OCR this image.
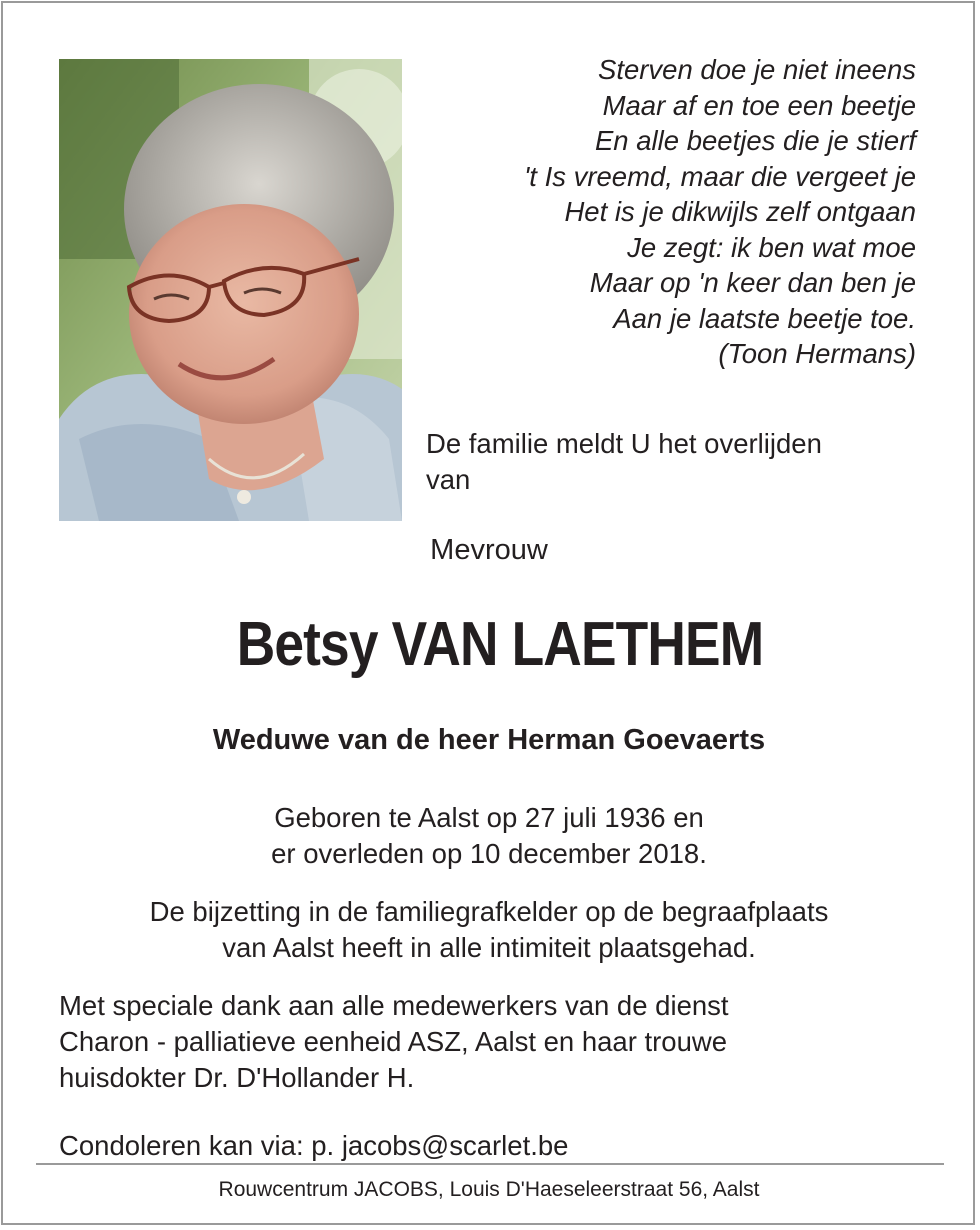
Sterven doe je niet ineens
Maar af en toe een beetje
En alle beetjes die je stierf
't Is vreemd, maar die vergeet je
Het is je dikwijls zelf ontgaan
Je zegt: ik ben wat moe
Maar op 'n keer dan ben je
Aan je laatste beetje toe.
(Toon Hermans)
De familie meldt U het overlijden
van
Mevrouw
Betsy VAN LAETHEM
Weduwe van de heer Herman Goevaerts
Geboren te Aalst op 27 juli 1936 en
er overleden op 10 december 2018.
De bijzetting in de familiegrafkelder op de begraafplaats
van Aalst heeft in alle intimiteit plaatsgehad.
Met speciale dank aan alle medewerkers van de dienst
Charon - palliatieve eenheid ASZ, Aalst en haar trouwe
huisdokter Dr. D'Hollander H.
Condoleren kan via: p. jacobs@scarlet.be
Rouwcentrum JACOBS, Louis D'Haeseleerstraat 56, Aalst
